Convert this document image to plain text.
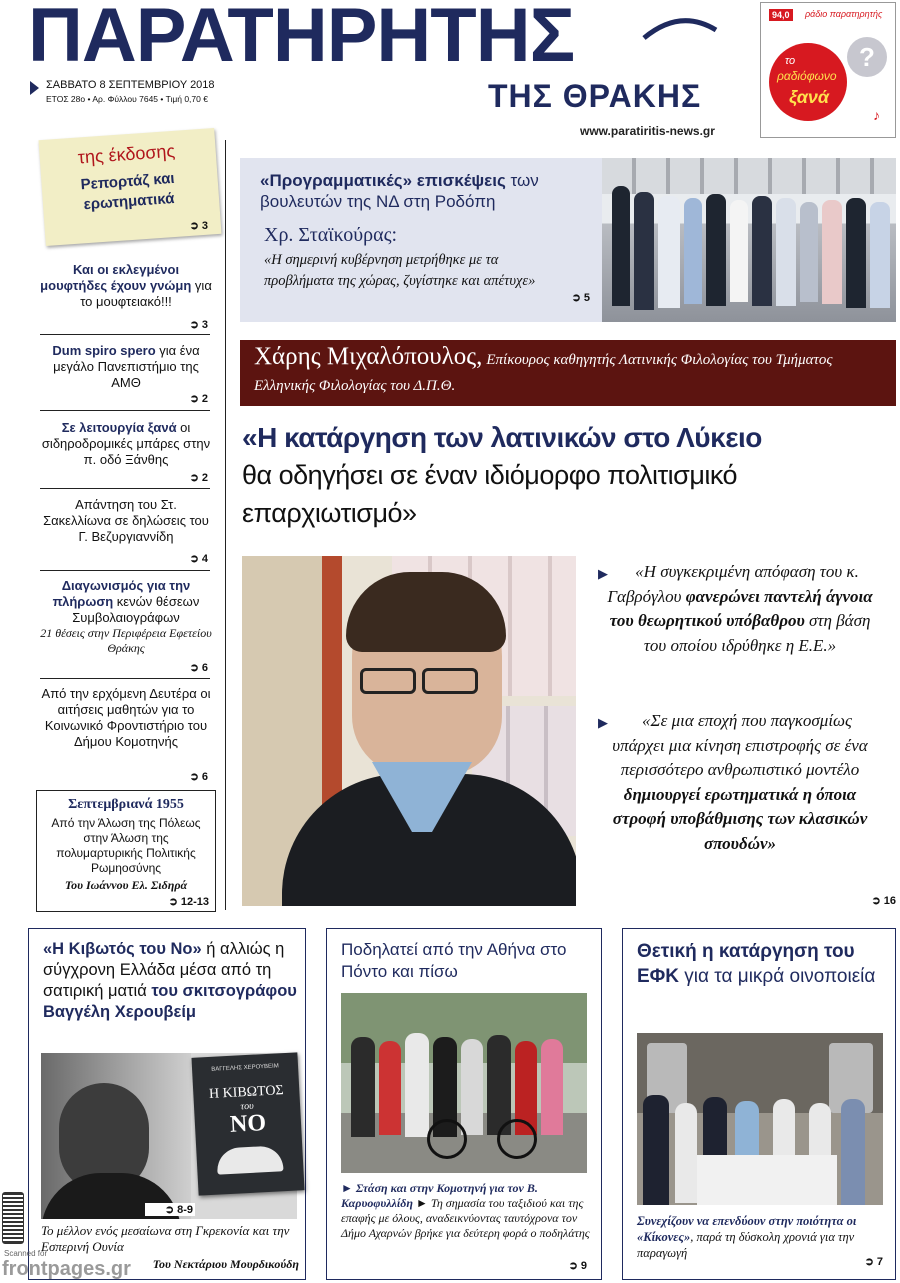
ΠΑΡΑΤΗΡΗΤΗΣ
ΣΑΒΒΑΤΟ 8 ΣΕΠΤΕΜΒΡΙΟΥ 2018
ΕΤΟΣ 28ο • Αρ. Φύλλου 7645 • Τιμή 0,70 €	ΤΗΣ ΘΡΑΚΗΣ
www.paratiritis-news.gr
94,0	ράδιο παρατηρητής
το
ραδιόφωνο
ξανά
?
♪
της έκδοσης
Ρεπορτάζ και ερωτηματικά
➲ 3
Και οι εκλεγμένοι μουφτήδες έχουν γνώμη για το μουφτειακό!!!
➲ 3
Dum spiro spero για ένα μεγάλο Πανεπιστήμιο της ΑΜΘ
➲ 2
Σε λειτουργία ξανά οι σιδηροδρομικές μπάρες στην π. οδό Ξάνθης
➲ 2
Απάντηση του Στ. Σακελλίωνα σε δηλώσεις του Γ. Βεζυργιαννίδη
➲ 4
Διαγωνισμός για την πλήρωση κενών θέσεων Συμβολαιογράφων
21 θέσεις στην Περιφέρεια Εφετείου Θράκης
➲ 6
Από την ερχόμενη Δευτέρα οι αιτήσεις μαθητών για το Κοινωνικό Φροντιστήριο του Δήμου Κομοτηνής
➲ 6
Σεπτεμβριανά 1955
Από την Άλωση της Πόλεως στην Άλωση της πολυμαρτυρικής Πολιτικής Ρωμηοσύνης
Του Ιωάννου Ελ. Σιδηρά
➲ 12-13
«Προγραμματικές» επισκέψεις των βουλευτών της ΝΔ στη Ροδόπη
Χρ. Σταϊκούρας:
«Η σημερινή κυβέρνηση μετρήθηκε με τα προβλήματα της χώρας, ζυγίστηκε και απέτυχε»
➲ 5
Χάρης Μιχαλόπουλος, Επίκουρος καθηγητής Λατινικής Φιλολογίας του Τμήματος Ελληνικής Φιλολογίας του Δ.Π.Θ.
«Η κατάργηση των λατινικών στο Λύκειο
θα οδηγήσει σε έναν ιδιόμορφο πολιτισμικό επαρχιωτισμό»
▶	«Η συγκεκριμένη απόφαση του κ. Γαβρόγλου φανερώνει παντελή άγνοια του θεωρητικού υπόβαθρου στη βάση του οποίου ιδρύθηκε η Ε.Ε.»
▶	«Σε μια εποχή που παγκοσμίως υπάρχει μια κίνηση επιστροφής σε ένα περισσότερο ανθρωπιστικό μοντέλο δημιουργεί ερωτηματικά η όποια στροφή υποβάθμισης των κλασικών σπουδών»
➲ 16
«Η Κιβωτός του Νο» ή αλλιώς η σύγχρονη Ελλάδα μέσα από τη σατιρική ματιά του σκιτσογράφου Βαγγέλη Χερουβείμ
ΒΑΓΓΕΛΗΣ ΧΕΡΟΥΒΕΙΜ
Η ΚΙΒΩΤΟΣ
του
ΝΟ
➲ 8-9
Το μέλλον ενός μεσαίωνα στη Γκρεκονία και την Εσπερινή Ουνία
Του Νεκτάριου Μουρδικούδη
Ποδηλατεί από την Αθήνα στο Πόντο και πίσω
► Στάση και στην Κομοτηνή για τον Β. Καρυοφυλλίδη ► Τη σημασία του ταξιδιού και της επαφής με όλους, αναδεικνύοντας ταυτόχρονα τον Δήμο Αχαρνών βρήκε για δεύτερη φορά ο ποδηλάτης
➲ 9
Θετική η κατάργηση του ΕΦΚ για τα μικρά οινοποιεία
Συνεχίζουν να επενδύουν στην ποιότητα οι «Κίκονες», παρά τη δύσκολη χρονιά για την παραγωγή
➲ 7
Scanned for
frontpages.gr
